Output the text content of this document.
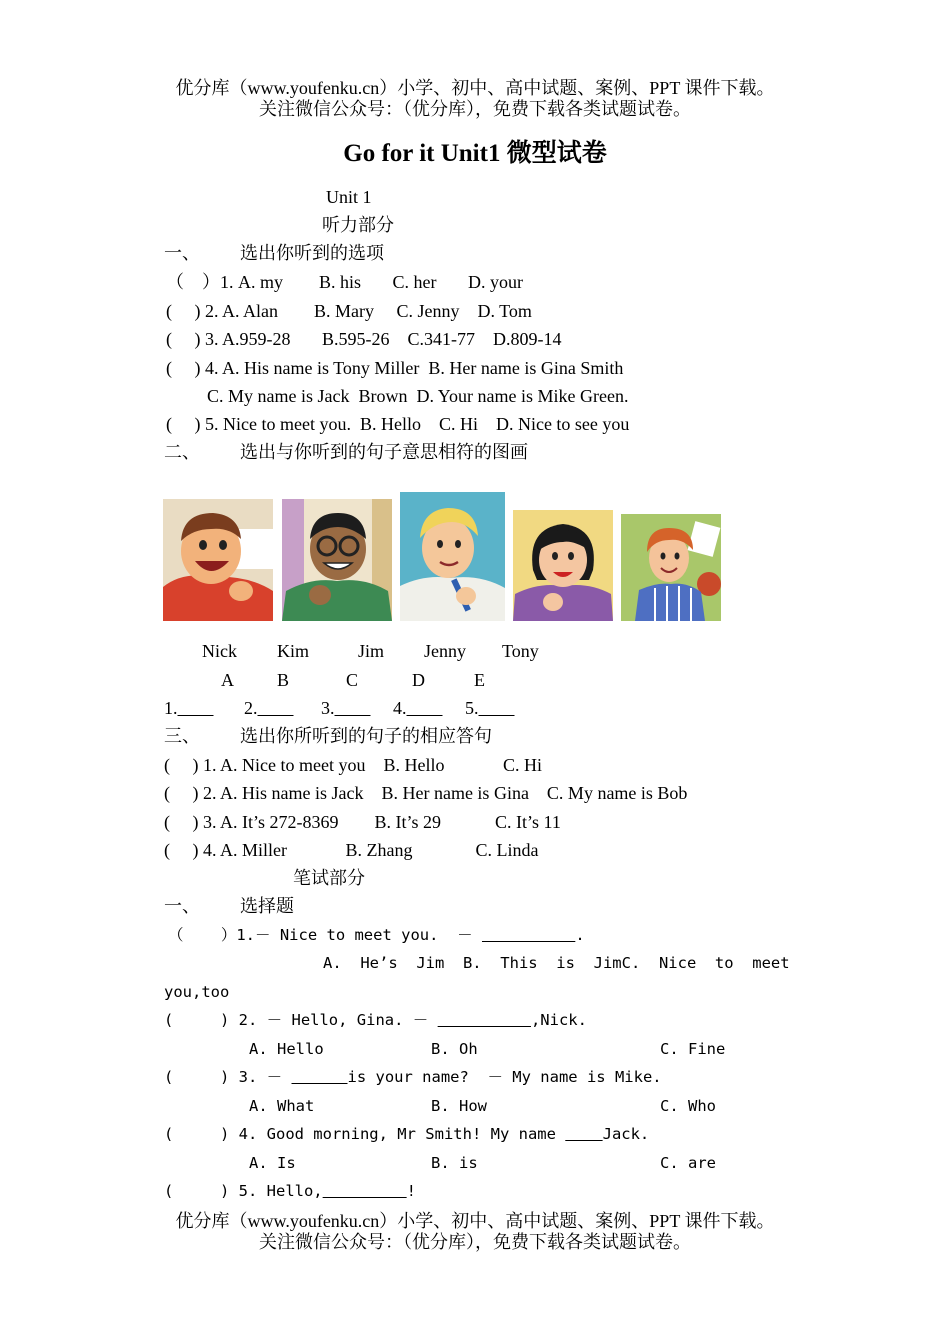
优分库（www.youfenku.cn）小学、初中、高中试题、案例、PPT 课件下载。
关注微信公众号：（优分库），免费下载各类试题试卷。
Go for it Unit1 微型试卷
Unit 1
听力部分
一、 选出你听到的选项
（    ）1. A. my        B. his       C. her       D. your
(     ) 2. A. Alan        B. Mary     C. Jenny    D. Tom
(     ) 3. A.959-28       B.595-26    C.341-77    D.809-14
(     ) 4. A. His name is Tony Miller  B. Her name is Gina Smith
C. My name is Jack  Brown  D. Your name is Mike Green.
(     ) 5. Nice to meet you.  B. Hello    C. Hi    D. Nice to see you
二、 选出与你听到的句子意思相符的图画
Nick Kim	Jim Jenny Tony
A B	C	D	E
1.	2.	3.	4.	5.
三、 选出你所听到的句子的相应答句
(     ) 1. A. Nice to meet you    B. Hello             C. Hi
(     ) 2. A. His name is Jack    B. Her name is Gina    C. My name is Bob
(     ) 3. A. It’s 272-8369        B. It’s 29            C. It’s 11
(     ) 4. A. Miller             B. Zhang              C. Linda
笔试部分
一、 选择题
（    ）1.－ Nice to meet you.  －	.
A.  He’s  Jim  B.  This  is  JimC.  Nice  to  meet
you,too
(     ) 2. － Hello, Gina. －	,Nick.
A. Hello	B. Oh	C. Fine
(     ) 3. －	is your name?  － My name is Mike.
A. What	B. How	C. Who
(     ) 4. Good morning, Mr Smith! My name	Jack.
A. Is	B. is	C. are
(     ) 5. Hello,	!
优分库（www.youfenku.cn）小学、初中、高中试题、案例、PPT 课件下载。
关注微信公众号：（优分库），免费下载各类试题试卷。
